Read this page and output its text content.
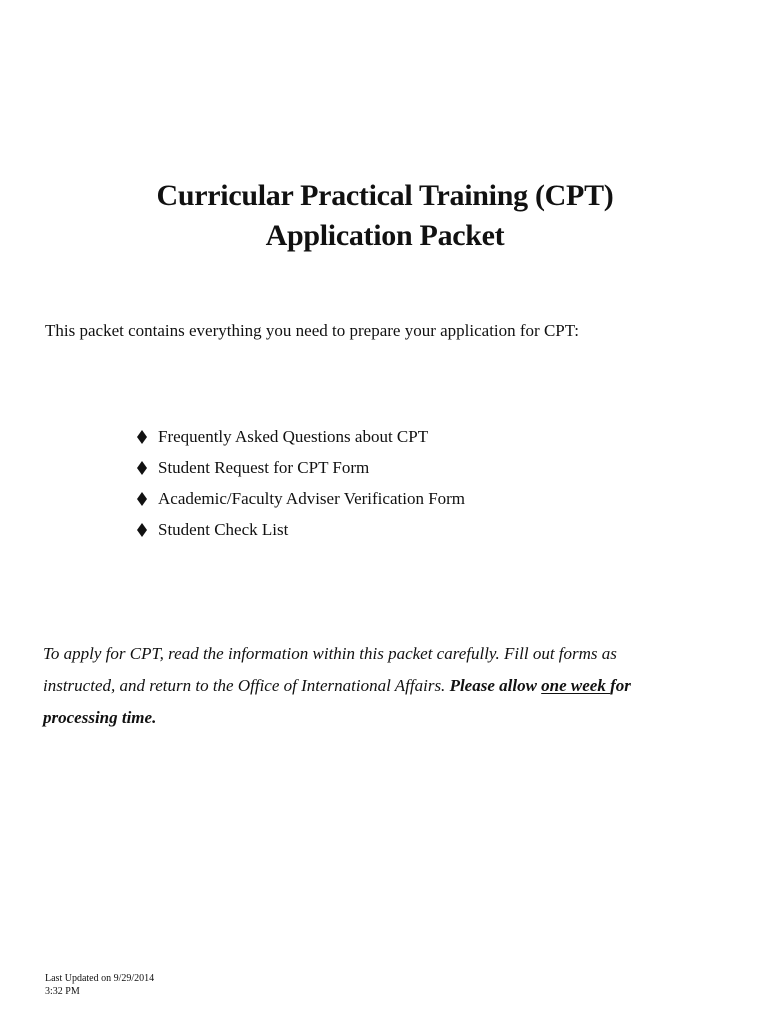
Curricular Practical Training (CPT)
Application Packet
This packet contains everything you need to prepare your application for CPT:
Frequently Asked Questions about CPT
Student Request for CPT Form
Academic/Faculty Adviser Verification Form
Student Check List
To apply for CPT, read the information within this packet carefully. Fill out forms as
instructed, and return to the Office of International Affairs. Please allow one week for
processing time.
Last Updated on 9/29/2014 3:32 PM
